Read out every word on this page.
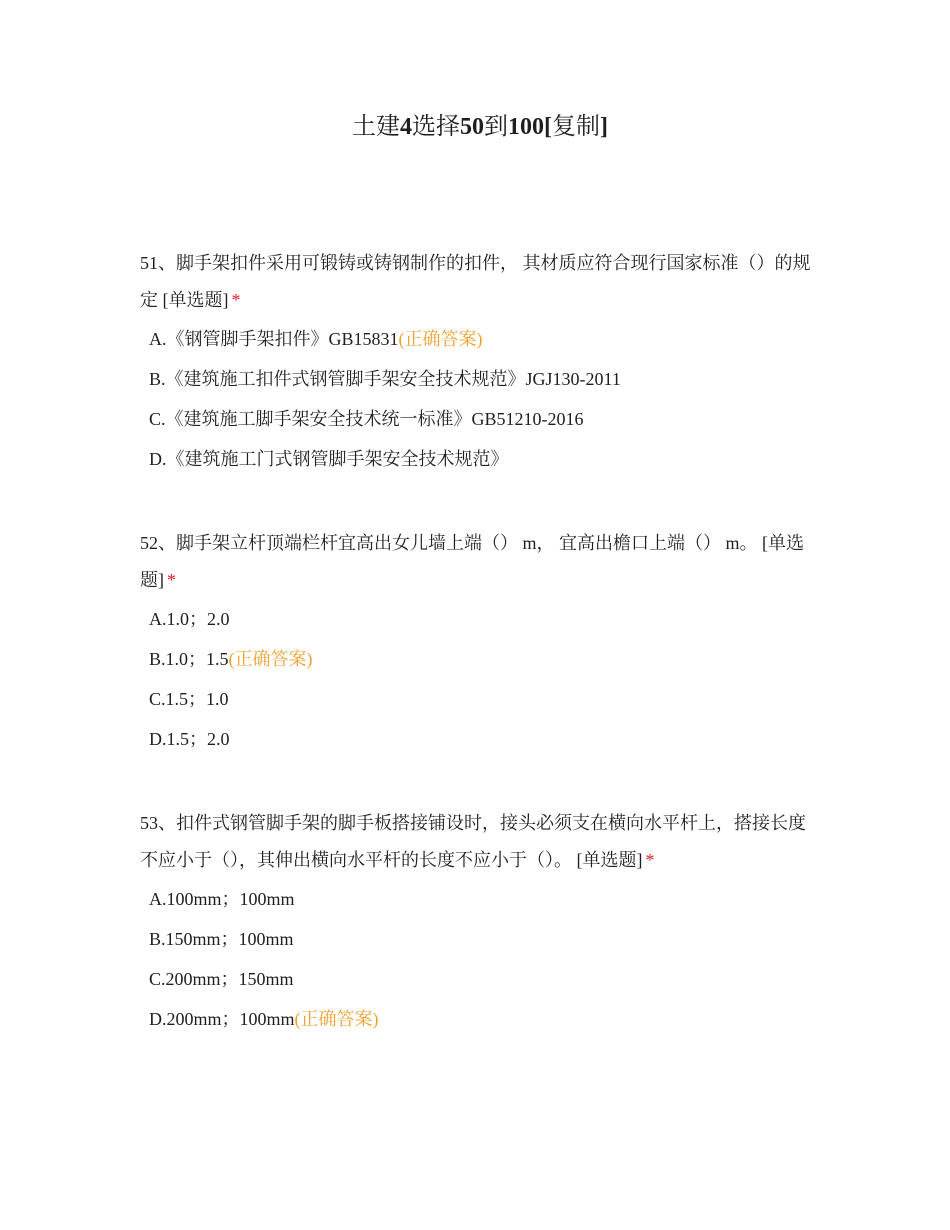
土建4选择50到100[复制]

51、脚手架扣件采用可锻铸或铸钢制作的扣件， 其材质应符合现行国家标准（）的规定 [单选题] *

A.《钢管脚手架扣件》GB15831(正确答案)
B.《建筑施工扣件式钢管脚手架安全技术规范》JGJ130-2011
C.《建筑施工脚手架安全技术统一标准》GB51210-2016
D.《建筑施工门式钢管脚手架安全技术规范》

52、脚手架立杆顶端栏杆宜高出女儿墙上端（） m， 宜高出檐口上端（） m。 [单选题] *

A.1.0；2.0
B.1.0；1.5(正确答案)
C.1.5；1.0
D.1.5；2.0

53、扣件式钢管脚手架的脚手板搭接铺设时，接头必须支在横向水平杆上，搭接长度不应小于（），其伸出横向水平杆的长度不应小于（）。 [单选题] *

A.100mm；100mm
B.150mm；100mm
C.200mm；150mm
D.200mm；100mm(正确答案)
